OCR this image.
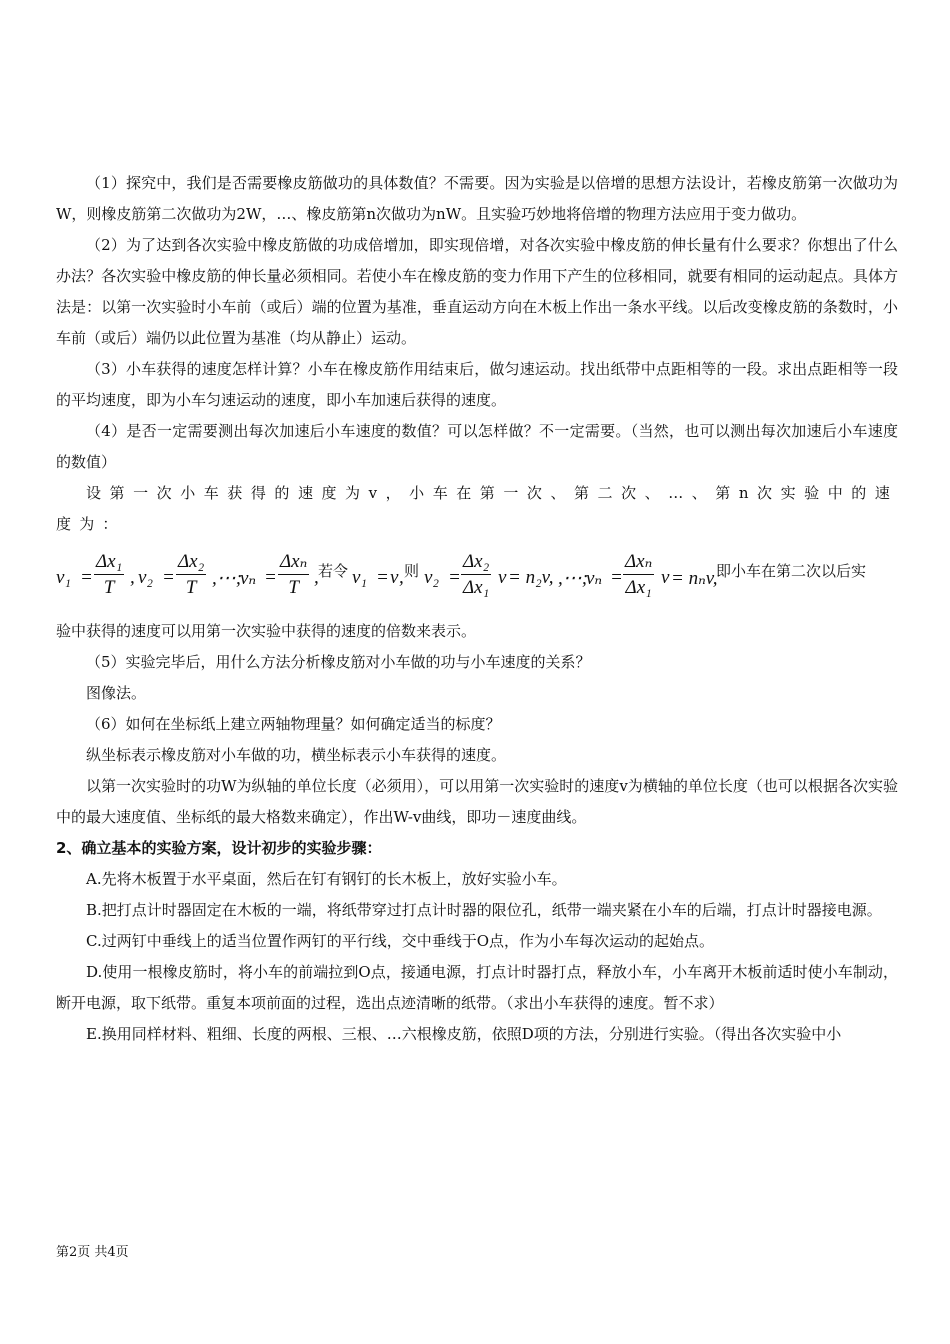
（1）探究中，我们是否需要橡皮筋做功的具体数值？不需要。因为实验是以倍增的思想方法设计，若橡皮筋第一次做功为W，则橡皮筋第二次做功为2W，…、橡皮筋第n次做功为nW。且实验巧妙地将倍增的物理方法应用于变力做功。

（2）为了达到各次实验中橡皮筋做的功成倍增加，即实现倍增，对各次实验中橡皮筋的伸长量有什么要求？你想出了什么办法？各次实验中橡皮筋的伸长量必须相同。若使小车在橡皮筋的变力作用下产生的位移相同，就要有相同的运动起点。具体方法是：以第一次实验时小车前（或后）端的位置为基准，垂直运动方向在木板上作出一条水平线。以后改变橡皮筋的条数时，小车前（或后）端仍以此位置为基准（均从静止）运动。

（3）小车获得的速度怎样计算？小车在橡皮筋作用结束后，做匀速运动。找出纸带中点距相等的一段。求出点距相等一段的平均速度，即为小车匀速运动的速度，即小车加速后获得的速度。

（4）是否一定需要测出每次加速后小车速度的数值？可以怎样做？不一定需要。（当然，也可以测出每次加速后小车速度的数值）

设第一次小车获得的速度为v，小车在第一次、第二次、…、第n次实验中的速度为：

$v_1 = \frac{\text{Δx₁}}{T}$ , $v_2 = \frac{\text{Δx₂}}{T}$ ,⋯;
vₙ =
Δxₙ
T , 若令 v₁ = v , 则 $v_2 = \frac{\text{Δx₂}}{\text{Δx₁}}$ v = n₂v, ,⋯;
vₙ =
Δxₙ
Δx₁ v = nₙv,
即小车在第二次以后实

验中获得的速度可以用第一次实验中获得的速度的倍数来表示。

（5）实验完毕后，用什么方法分析橡皮筋对小车做的功与小车速度的关系？

图像法。

（6）如何在坐标纸上建立两轴物理量？如何确定适当的标度？

纵坐标表示橡皮筋对小车做的功，横坐标表示小车获得的速度。

以第一次实验时的功W为纵轴的单位长度（必须用），可以用第一次实验时的速度v为横轴的单位长度（也可以根据各次实验中的最大速度值、坐标纸的最大格数来确定），作出W-v曲线，即功－速度曲线。

2、确立基本的实验方案，设计初步的实验步骤：

A.先将木板置于水平桌面，然后在钉有钢钉的长木板上，放好实验小车。

B.把打点计时器固定在木板的一端，将纸带穿过打点计时器的限位孔，纸带一端夹紧在小车的后端，打点计时器接电源。

C.过两钉中垂线上的适当位置作两钉的平行线，交中垂线于O点，作为小车每次运动的起始点。

D.使用一根橡皮筋时，将小车的前端拉到O点，接通电源，打点计时器打点，释放小车，小车离开木板前适时使小车制动，断开电源，取下纸带。重复本项前面的过程，选出点迹清晰的纸带。（求出小车获得的速度。暂不求）

E.换用同样材料、粗细、长度的两根、三根、…六根橡皮筋，依照D项的方法，分别进行实验。（得出各次实验中小

第2页 共4页
